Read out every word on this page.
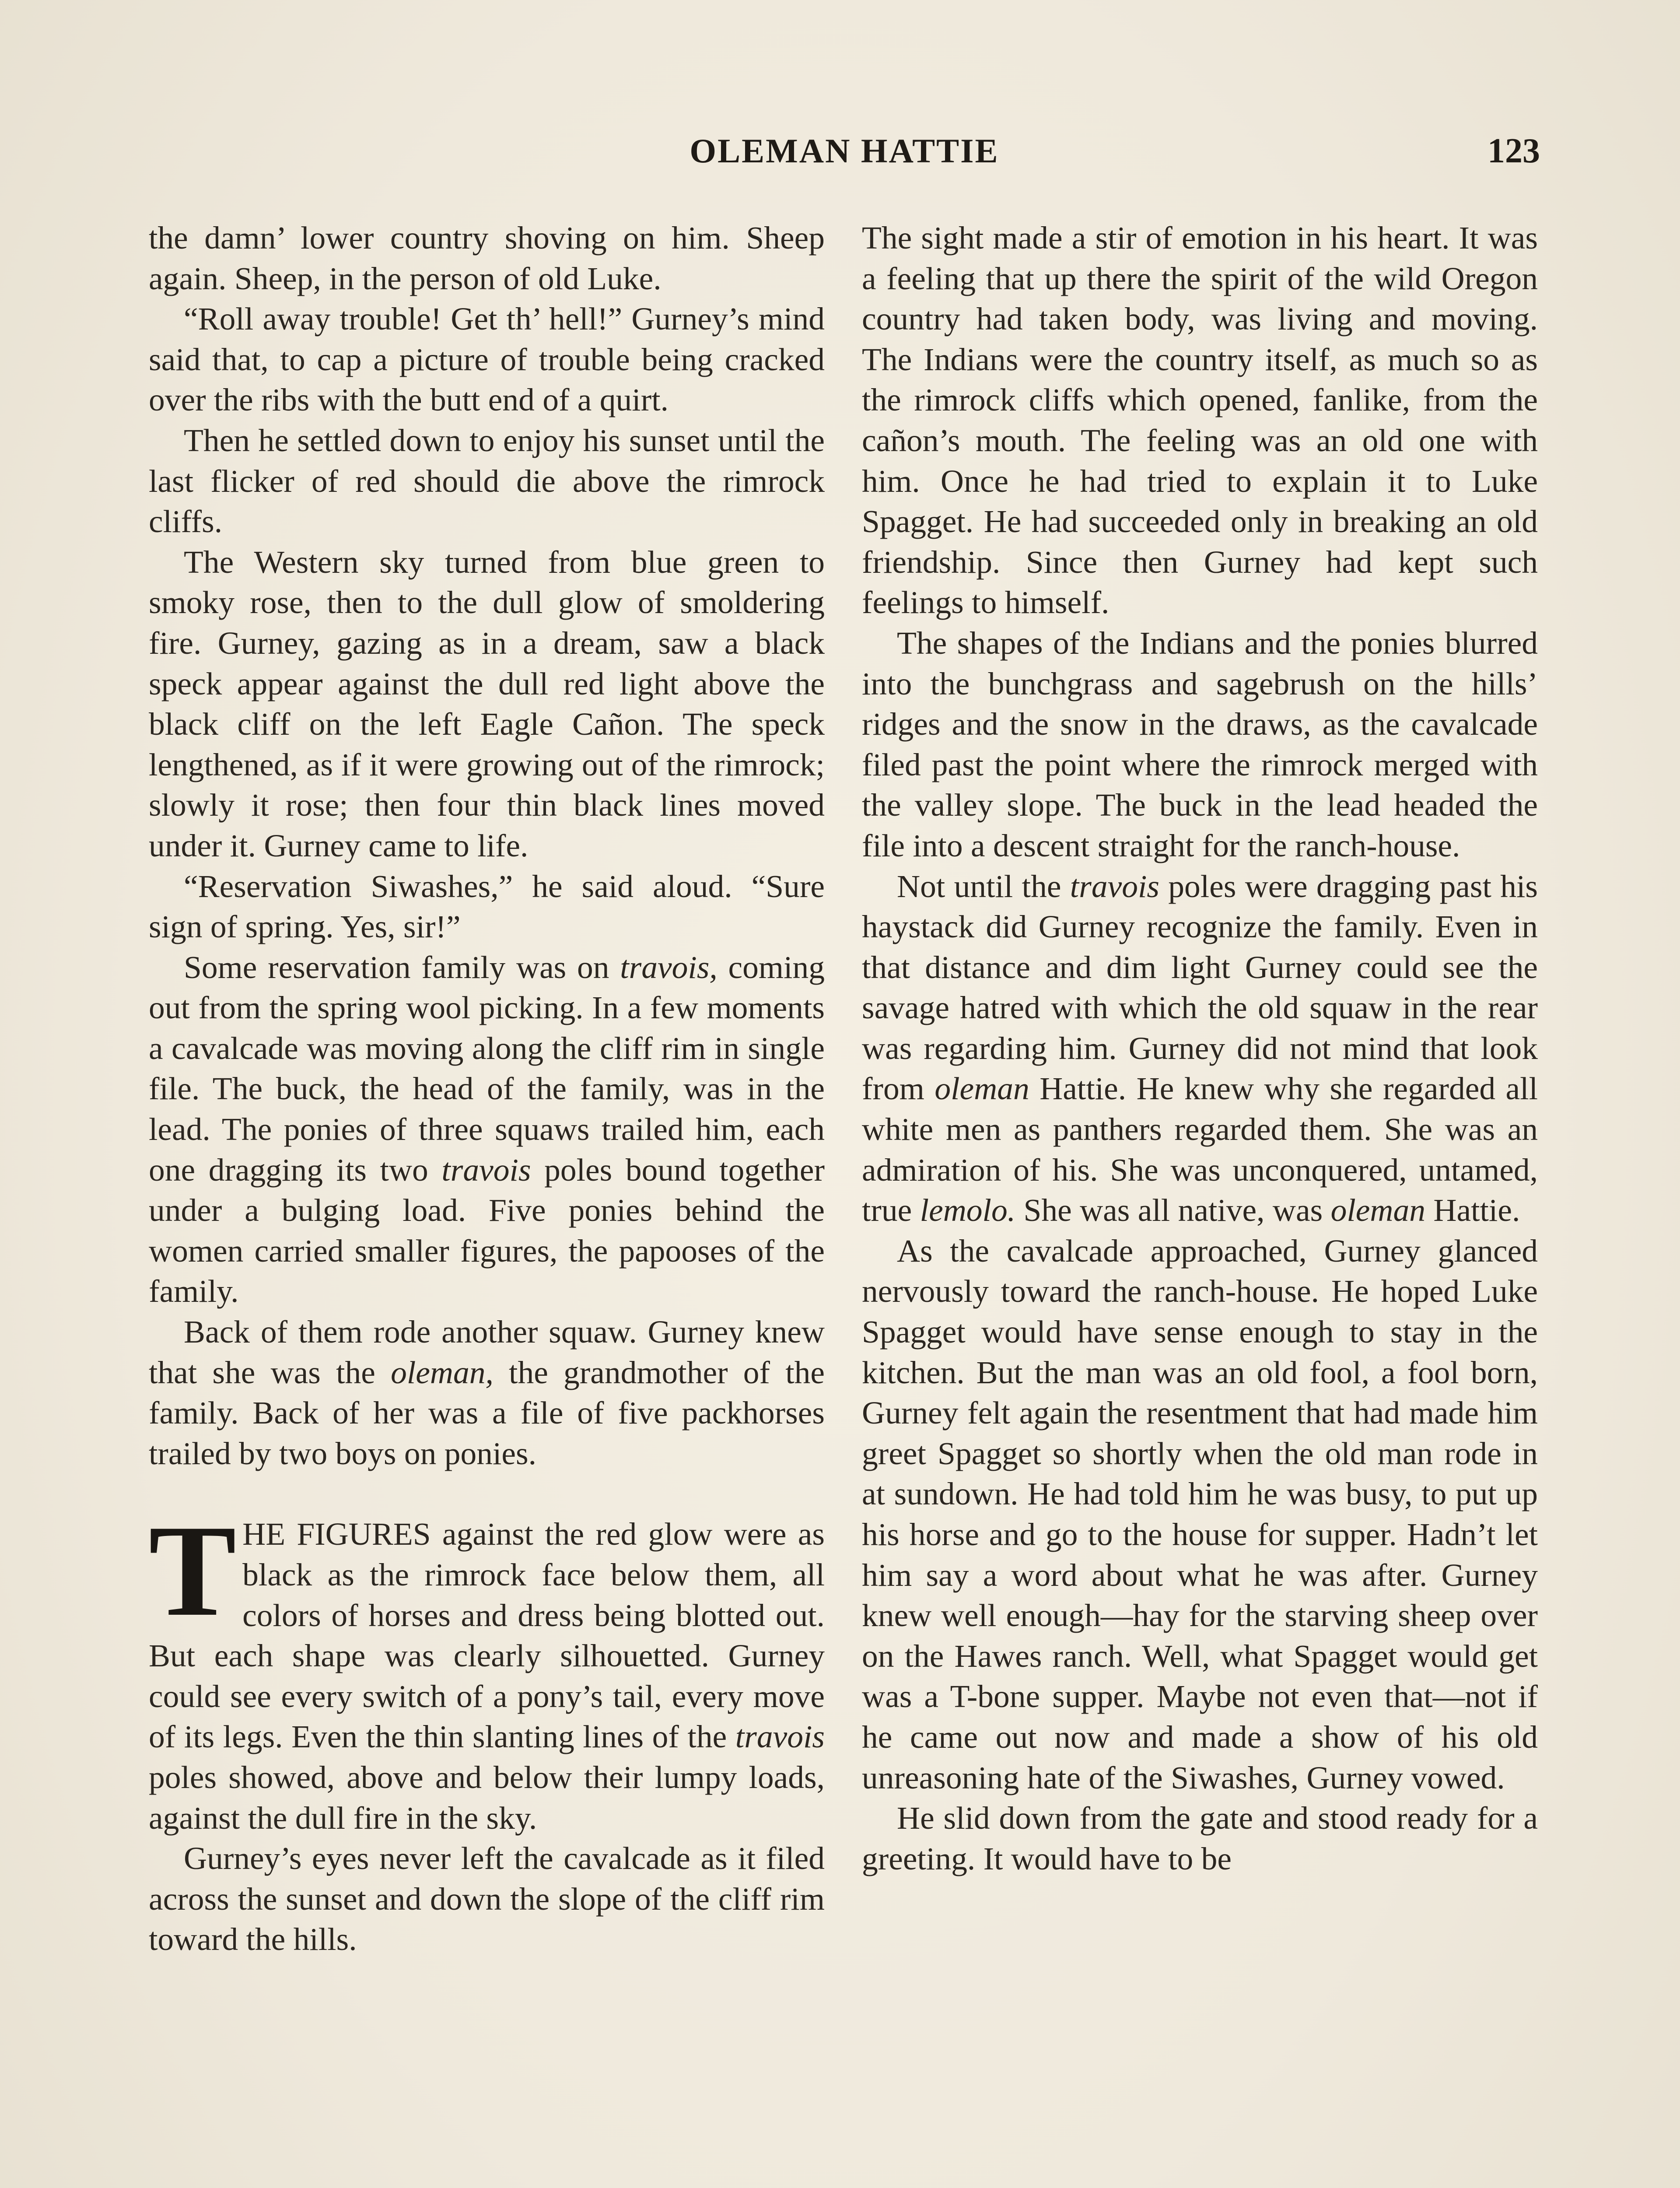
OLEMAN HATTIE	123

the damn’ lower country shoving on him. Sheep again. Sheep, in the person of old Luke.

“Roll away trouble! Get th’ hell!” Gurney’s mind said that, to cap a picture of trouble being cracked over the ribs with the butt end of a quirt.

Then he settled down to enjoy his sunset until the last flicker of red should die above the rimrock cliffs.

The Western sky turned from blue green to smoky rose, then to the dull glow of smoldering fire. Gurney, gazing as in a dream, saw a black speck appear against the dull red light above the black cliff on the left Eagle Cañon. The speck lengthened, as if it were growing out of the rimrock; slowly it rose; then four thin black lines moved under it. Gurney came to life.

“Reservation Siwashes,” he said aloud. “Sure sign of spring. Yes, sir!”

Some reservation family was on travois, coming out from the spring wool picking. In a few moments a cavalcade was moving along the cliff rim in single file. The buck, the head of the family, was in the lead. The ponies of three squaws trailed him, each one dragging its two travois poles bound together under a bulging load. Five ponies behind the women carried smaller figures, the papooses of the family.

Back of them rode another squaw. Gurney knew that she was the oleman, the grandmother of the family. Back of her was a file of five packhorses trailed by two boys on ponies.

THE FIGURES against the red glow were as black as the rimrock face below them, all colors of horses and dress being blotted out. But each shape was clearly silhouetted. Gurney could see every switch of a pony’s tail, every move of its legs. Even the thin slanting lines of the travois poles showed, above and below their lumpy loads, against the dull fire in the sky.

Gurney’s eyes never left the cavalcade as it filed across the sunset and down the slope of the cliff rim toward the hills.

The sight made a stir of emotion in his heart. It was a feeling that up there the spirit of the wild Oregon country had taken body, was living and moving. The Indians were the country itself, as much so as the rimrock cliffs which opened, fanlike, from the cañon’s mouth. The feeling was an old one with him. Once he had tried to explain it to Luke Spagget. He had succeeded only in breaking an old friendship. Since then Gurney had kept such feelings to himself.

The shapes of the Indians and the ponies blurred into the bunchgrass and sagebrush on the hills’ ridges and the snow in the draws, as the cavalcade filed past the point where the rimrock merged with the valley slope. The buck in the lead headed the file into a descent straight for the ranch-house.

Not until the travois poles were dragging past his haystack did Gurney recognize the family. Even in that distance and dim light Gurney could see the savage hatred with which the old squaw in the rear was regarding him. Gurney did not mind that look from oleman Hattie. He knew why she regarded all white men as panthers regarded them. She was an admiration of his. She was unconquered, untamed, true lemolo. She was all native, was oleman Hattie.

As the cavalcade approached, Gurney glanced nervously toward the ranch-house. He hoped Luke Spagget would have sense enough to stay in the kitchen. But the man was an old fool, a fool born, Gurney felt again the resentment that had made him greet Spagget so shortly when the old man rode in at sundown. He had told him he was busy, to put up his horse and go to the house for supper. Hadn’t let him say a word about what he was after. Gurney knew well enough—hay for the starving sheep over on the Hawes ranch. Well, what Spagget would get was a T-bone supper. Maybe not even that—not if he came out now and made a show of his old unreasoning hate of the Siwashes, Gurney vowed.

He slid down from the gate and stood ready for a greeting. It would have to be
